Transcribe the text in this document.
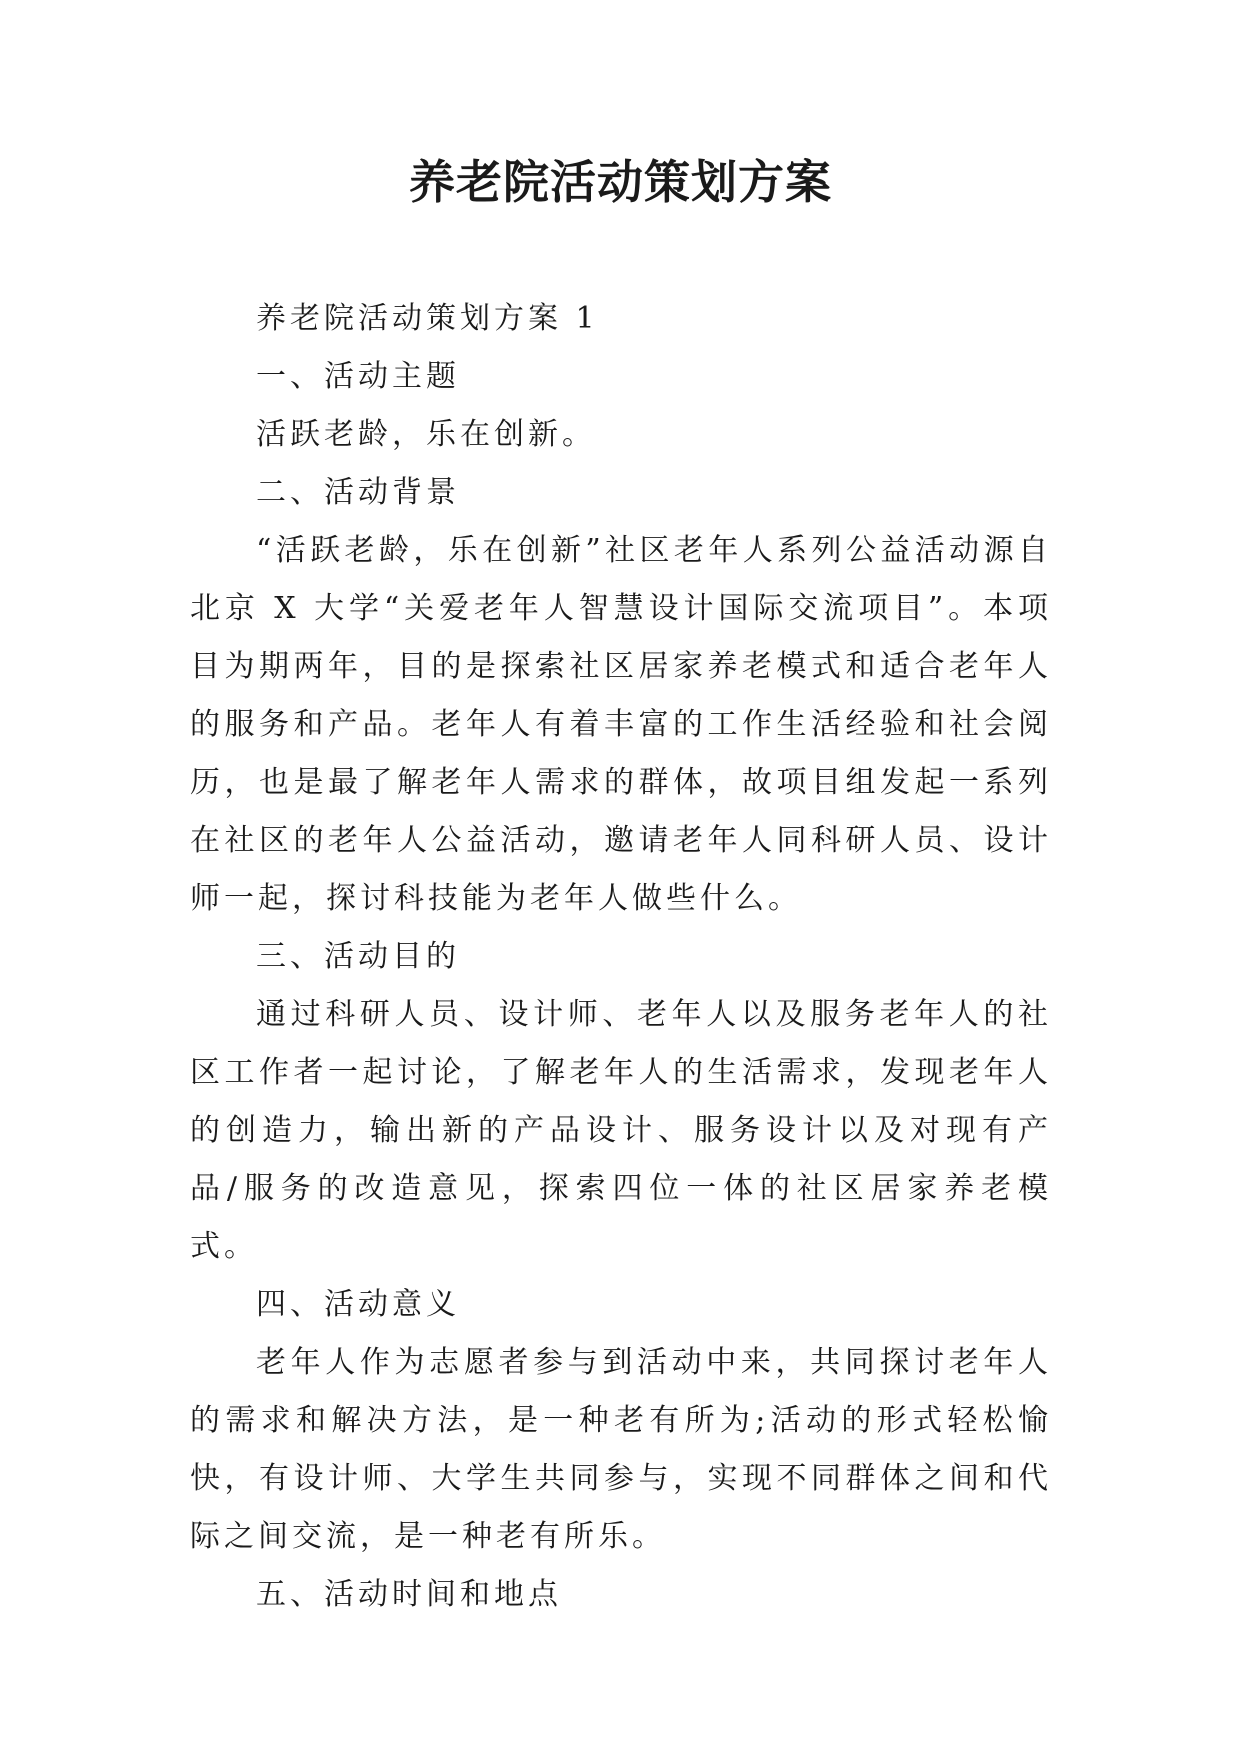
养老院活动策划方案

养老院活动策划方案 1

一、活动主题

活跃老龄，乐在创新。

二、活动背景

“活跃老龄，乐在创新”社区老年人系列公益活动源自北京 X 大学“关爱老年人智慧设计国际交流项目”。本项目为期两年，目的是探索社区居家养老模式和适合老年人的服务和产品。老年人有着丰富的工作生活经验和社会阅历，也是最了解老年人需求的群体，故项目组发起一系列在社区的老年人公益活动，邀请老年人同科研人员、设计师一起，探讨科技能为老年人做些什么。

三、活动目的

通过科研人员、设计师、老年人以及服务老年人的社区工作者一起讨论，了解老年人的生活需求，发现老年人的创造力，输出新的产品设计、服务设计以及对现有产品/服务的改造意见，探索四位一体的社区居家养老模式。

四、活动意义

老年人作为志愿者参与到活动中来，共同探讨老年人的需求和解决方法，是一种老有所为;活动的形式轻松愉快，有设计师、大学生共同参与，实现不同群体之间和代际之间交流，是一种老有所乐。

五、活动时间和地点
